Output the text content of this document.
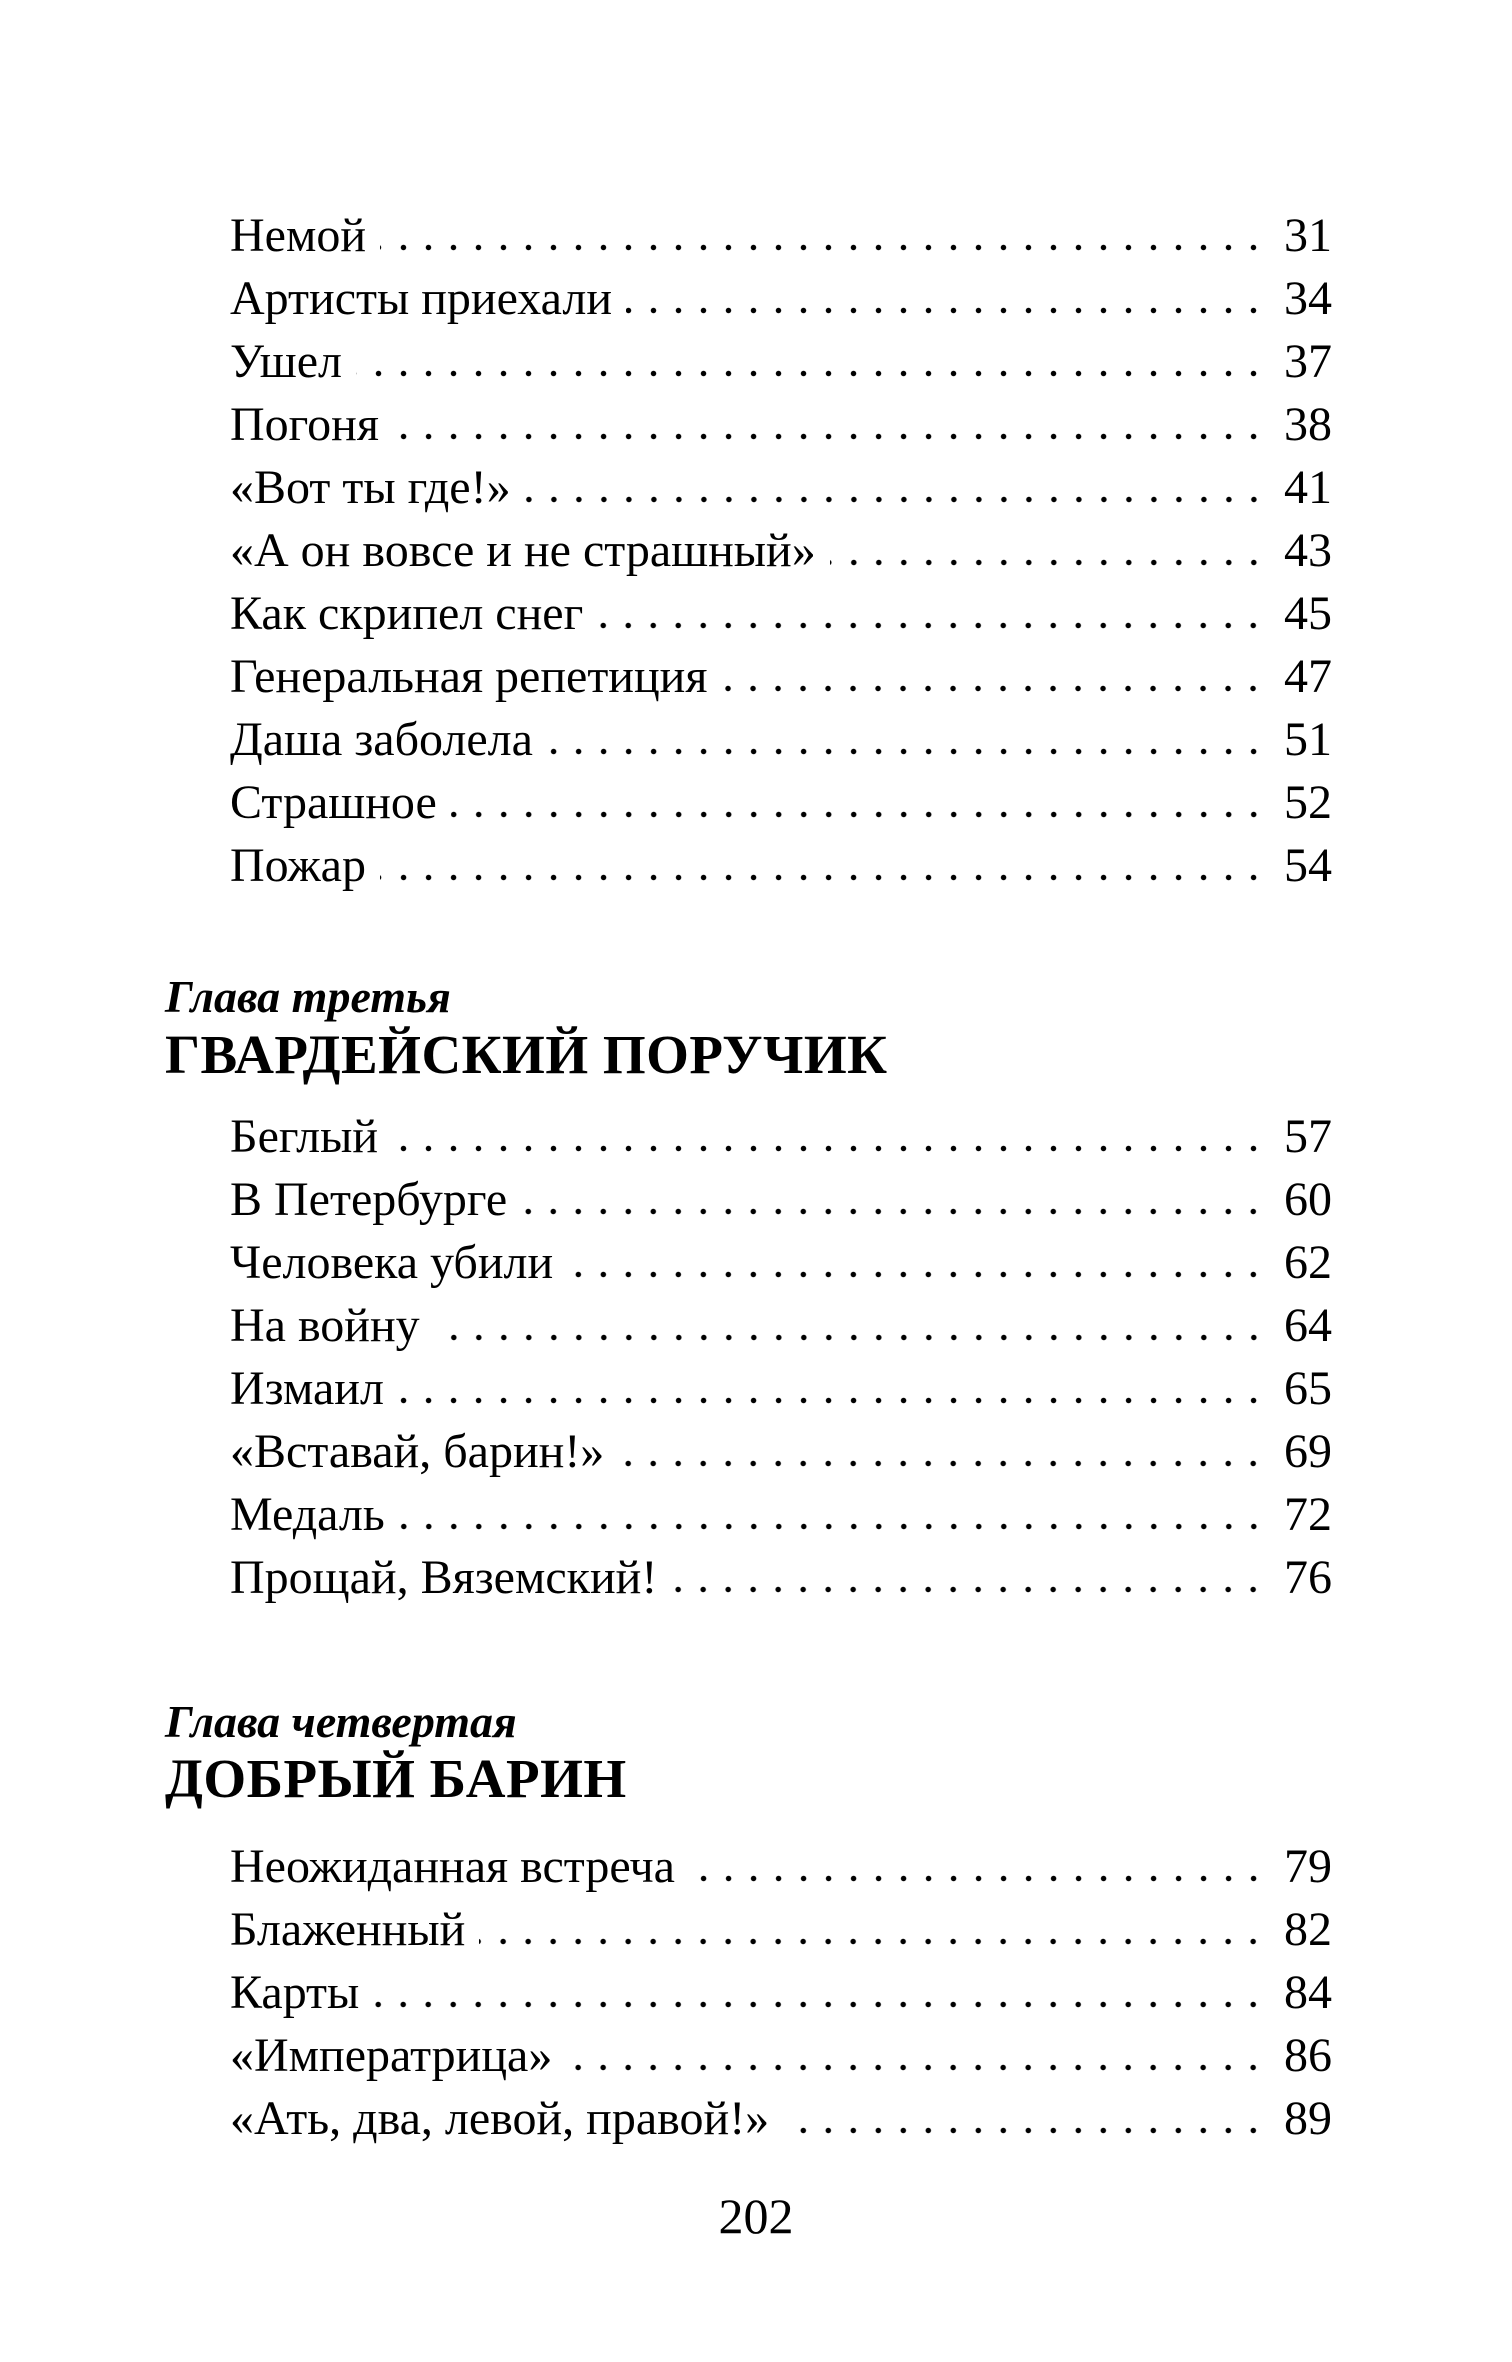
Немой	31
Артисты приехали	34
Ушел	37
Погоня	38
«Вот ты где!»	41
«А он вовсе и не страшный»	43
Как скрипел снег	45
Генеральная репетиция	47
Даша заболела	51
Страшное	52
Пожар	54
Глава третья
ГВАРДЕЙСКИЙ ПОРУЧИК
Беглый	57
В Петербурге	60
Человека убили	62
На войну	64
Измаил	65
«Вставай, барин!»	69
Медаль	72
Прощай, Вяземский!	76
Глава четвертая
ДОБРЫЙ БАРИН
Неожиданная встреча	79
Блаженный	82
Карты	84
«Императрица»	86
«Ать, два, левой, правой!»	89
202
